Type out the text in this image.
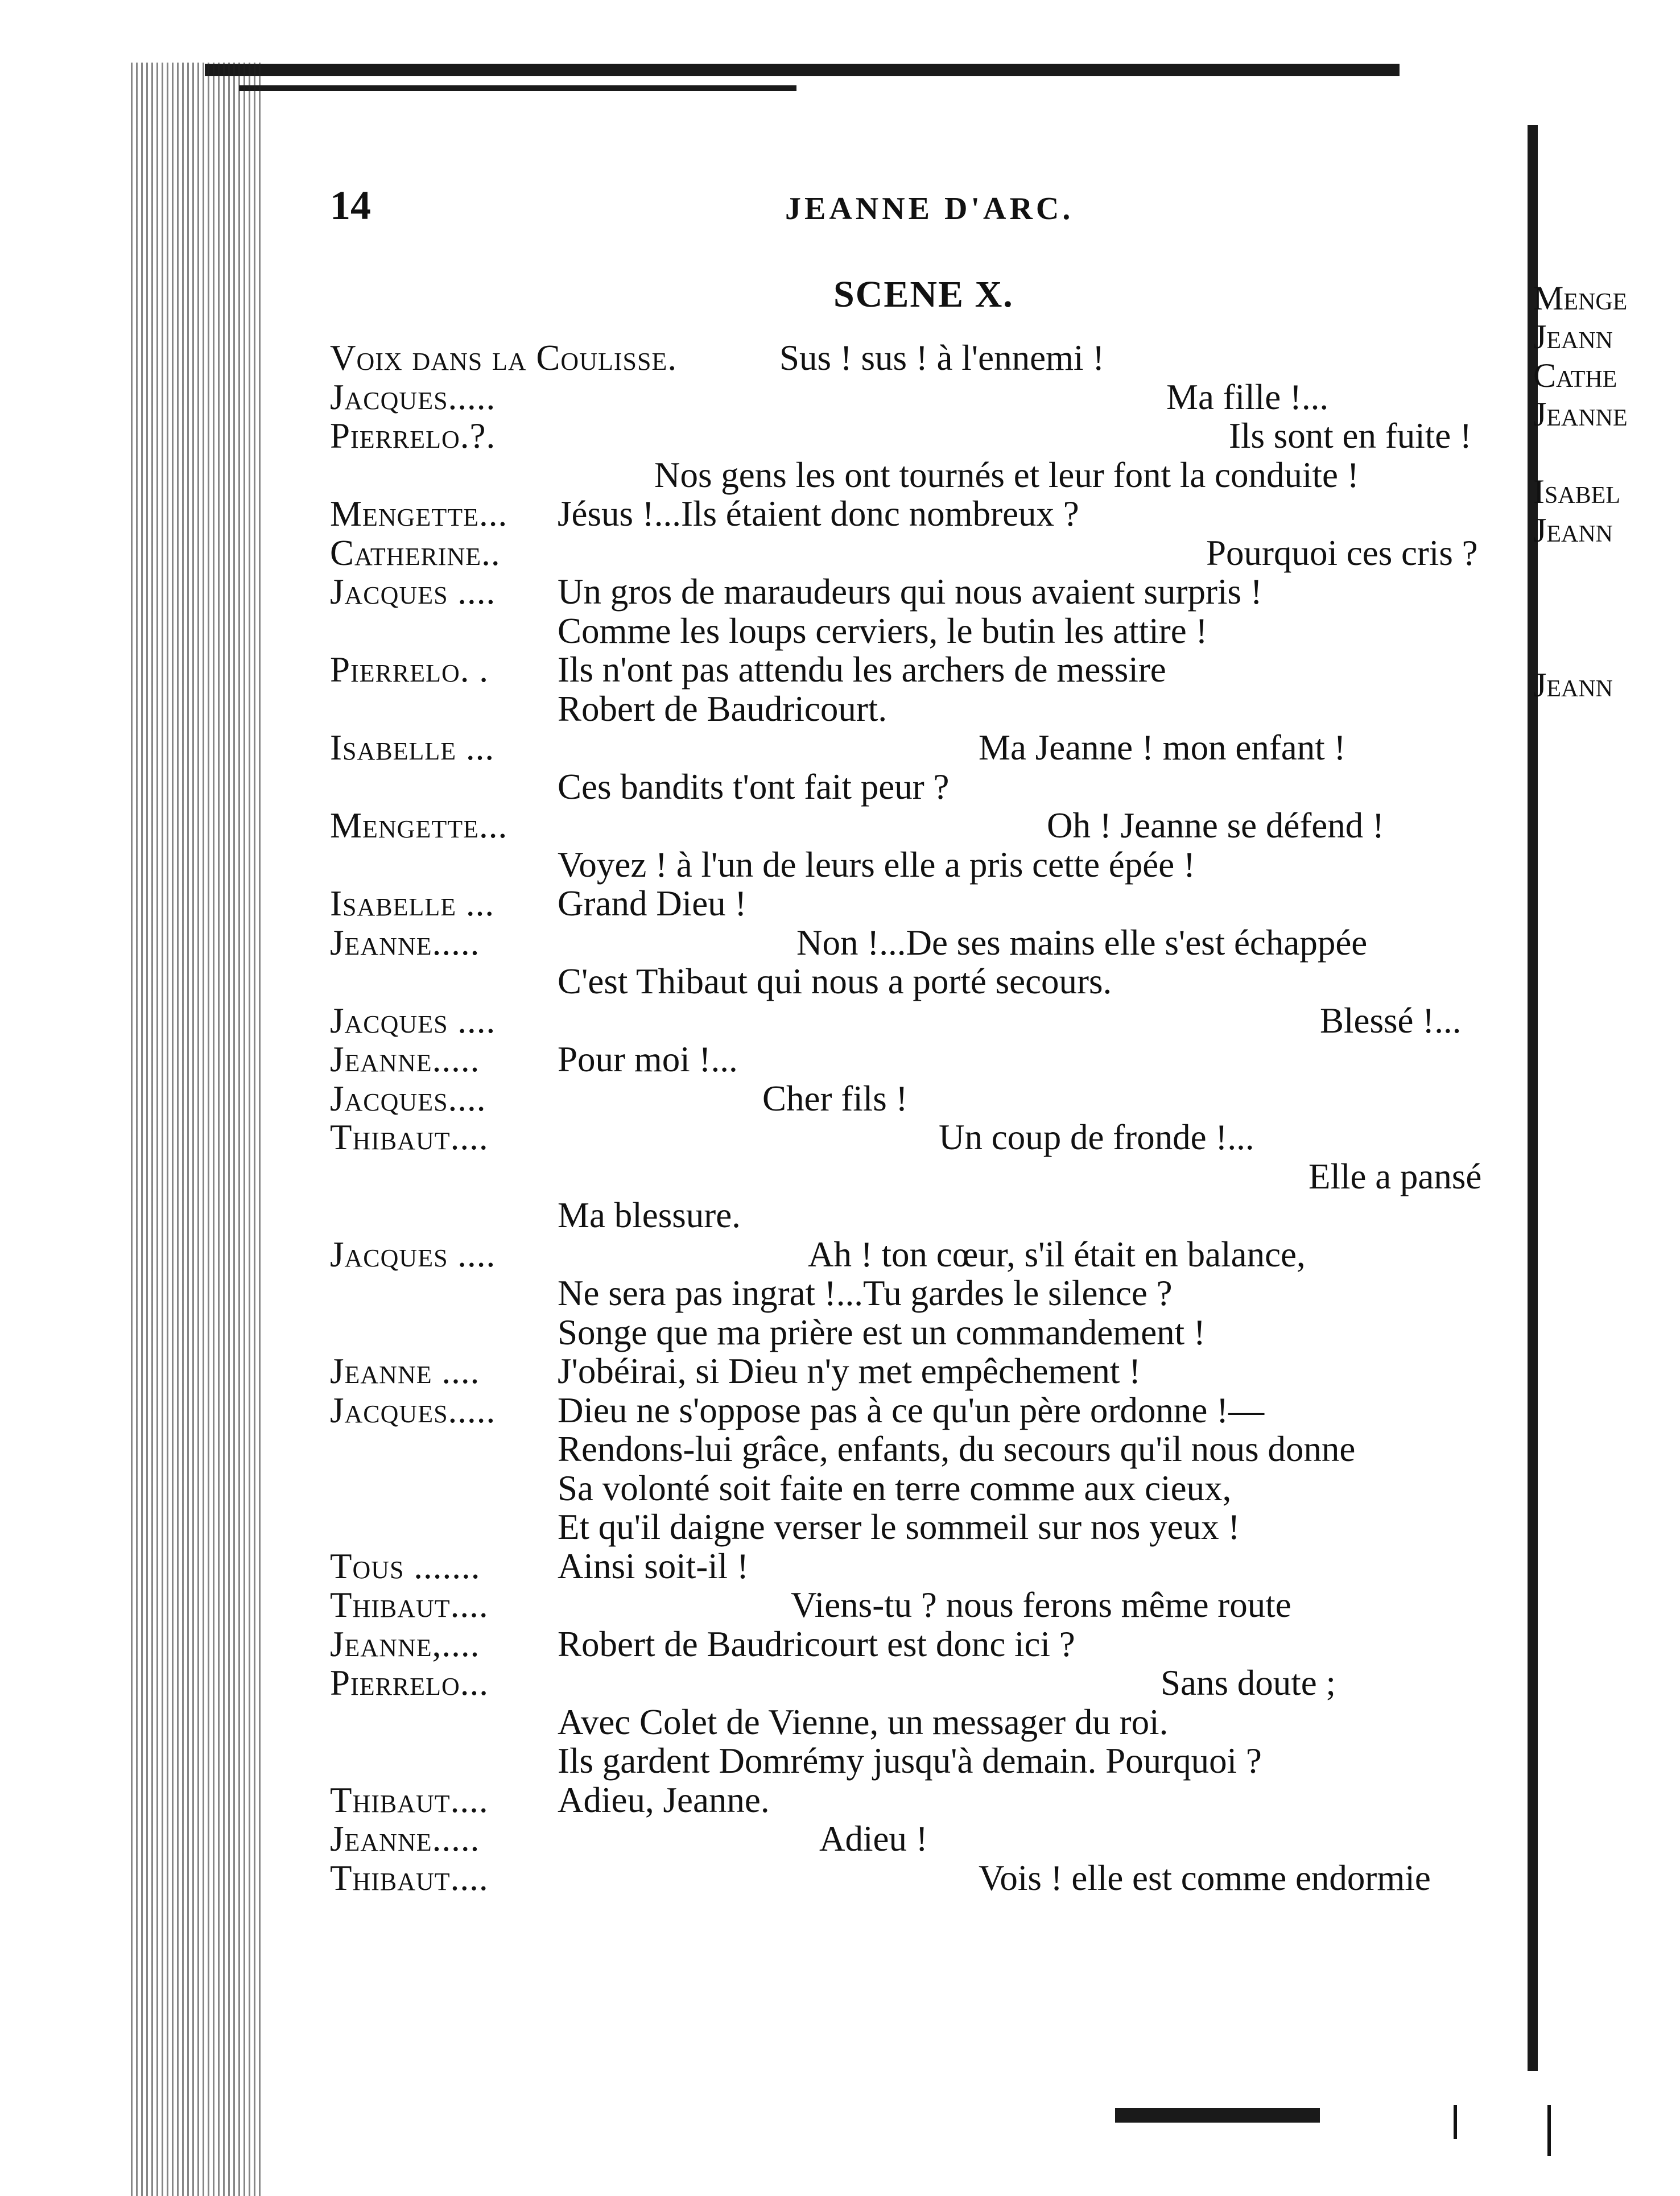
14	JEANNE D'ARC.
SCENE X.
Voix dans la Coulisse.	Sus ! sus ! à l'ennemi !
Jacques.....	Ma fille !...
Pierrelo.?.	Ils sont en fuite !
Nos gens les ont tournés et leur font la conduite !
Mengette... Jésus !...Ils étaient donc nombreux ?
Catherine..	Pourquoi ces cris ?
Jacques .... Un gros de maraudeurs qui nous avaient surpris !
Comme les loups cerviers, le butin les attire !
Pierrelo. . Ils n'ont pas attendu les archers de messire
Robert de Baudricourt.
Isabelle ...	Ma Jeanne ! mon enfant !
Ces bandits t'ont fait peur ?
Mengette...	Oh ! Jeanne se défend !
Voyez ! à l'un de leurs elle a pris cette épée !
Isabelle ... Grand Dieu !
Jeanne.....	Non !...De ses mains elle s'est échappée
C'est Thibaut qui nous a porté secours.
Jacques ....	Blessé !...
Jeanne..... Pour moi !...
Jacques....	Cher fils !
Thibaut....	Un coup de fronde !...
Elle a pansé
Ma blessure.
Jacques ....	Ah ! ton cœur, s'il était en balance,
Ne sera pas ingrat !...Tu gardes le silence ?
Songe que ma prière est un commandement !
Jeanne .... J'obéirai, si Dieu n'y met empêchement !
Jacques..... Dieu ne s'oppose pas à ce qu'un père ordonne !—
Rendons-lui grâce, enfants, du secours qu'il nous donne
Sa volonté soit faite en terre comme aux cieux,
Et qu'il daigne verser le sommeil sur nos yeux !
Tous ....... Ainsi soit-il !
Thibaut....	Viens-tu ? nous ferons même route
Jeanne,.... Robert de Baudricourt est donc ici ?
Pierrelo...	Sans doute ;
Avec Colet de Vienne, un messager du roi.
Ils gardent Domrémy jusqu'à demain. Pourquoi ?
Thibaut.... Adieu, Jeanne.
Jeanne.....	Adieu !
Thibaut....	Vois ! elle est comme endormie
Menge
Jeann
Cathe
Jeanne
Isabel
Jeann
Jeann
